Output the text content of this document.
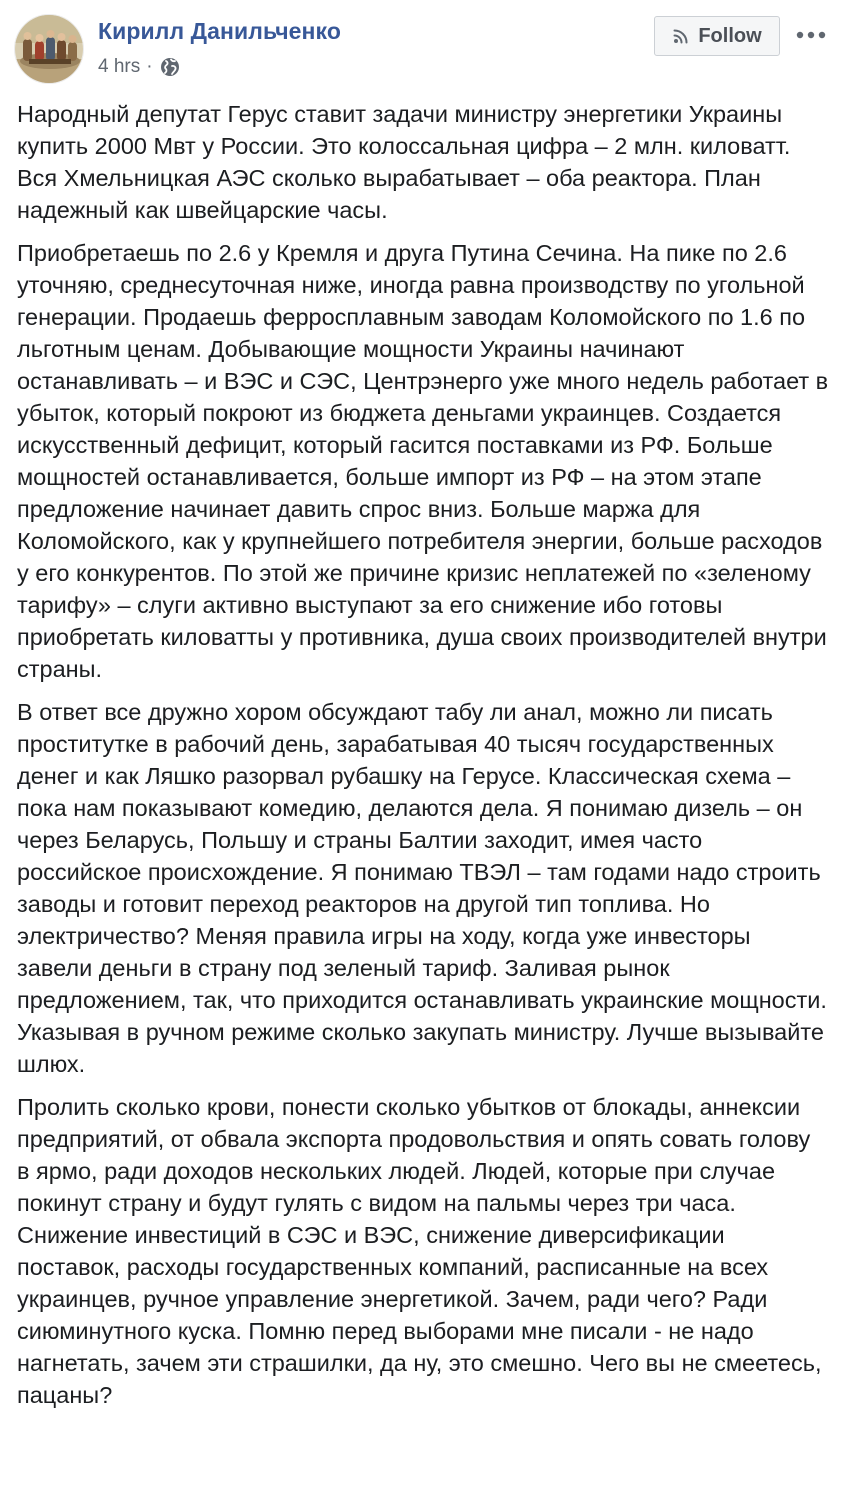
Кирилл Данильченко
4 hrs ·
Follow

Народный депутат Герус ставит задачи министру энергетики Украины купить 2000 Мвт у России. Это колоссальная цифра – 2 млн. киловатт. Вся Хмельницкая АЭС сколько вырабатывает – оба реактора. План надежный как швейцарские часы.

Приобретаешь по 2.6 у Кремля и друга Путина Сечина. На пике по 2.6 уточняю, среднесуточная ниже, иногда равна производству по угольной генерации. Продаешь ферросплавным заводам Коломойского по 1.6 по льготным ценам. Добывающие мощности Украины начинают останавливать – и ВЭС и СЭС, Центрэнерго уже много недель работает в убыток, который покроют из бюджета деньгами украинцев. Создается искусственный дефицит, который гасится поставками из РФ. Больше мощностей останавливается, больше импорт из РФ – на этом этапе предложение начинает давить спрос вниз. Больше маржа для Коломойского, как у крупнейшего потребителя энергии, больше расходов у его конкурентов. По этой же причине кризис неплатежей по «зеленому тарифу» – слуги активно выступают за его снижение ибо готовы приобретать киловатты у противника, душа своих производителей внутри страны.

В ответ все дружно хором обсуждают табу ли анал, можно ли писать проститутке в рабочий день, зарабатывая 40 тысяч государственных денег и как Ляшко разорвал рубашку на Герусе. Классическая схема – пока нам показывают комедию, делаются дела. Я понимаю дизель – он через Беларусь, Польшу и страны Балтии заходит, имея часто российское происхождение. Я понимаю ТВЭЛ – там годами надо строить заводы и готовит переход реакторов на другой тип топлива. Но электричество? Меняя правила игры на ходу, когда уже инвесторы завели деньги в страну под зеленый тариф. Заливая рынок предложением, так, что приходится останавливать украинские мощности. Указывая в ручном режиме сколько закупать министру. Лучше вызывайте шлюх.

Пролить сколько крови, понести сколько убытков от блокады, аннексии предприятий, от обвала экспорта продовольствия и опять совать голову в ярмо, ради доходов нескольких людей. Людей, которые при случае покинут страну и будут гулять с видом на пальмы через три часа. Снижение инвестиций в СЭС и ВЭС, снижение диверсификации поставок, расходы государственных компаний, расписанные на всех украинцев, ручное управление энергетикой. Зачем, ради чего? Ради сиюминутного куска. Помню перед выборами мне писали - не надо нагнетать, зачем эти страшилки, да ну, это смешно. Чего вы не смеетесь, пацаны?
